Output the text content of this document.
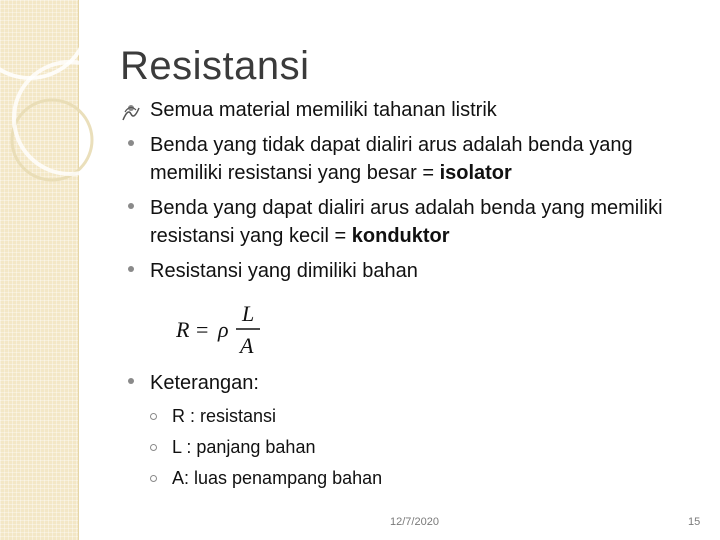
Resistansi
Semua material memiliki tahanan listrik
Benda yang tidak dapat dialiri arus adalah benda yang memiliki resistansi yang besar = isolator
Benda yang dapat dialiri arus adalah benda yang memiliki resistansi yang kecil = konduktor
Resistansi yang dimiliki bahan
R = ρ
L
A
Keterangan:
R : resistansi
L : panjang bahan
A: luas penampang bahan
12/7/2020	15
